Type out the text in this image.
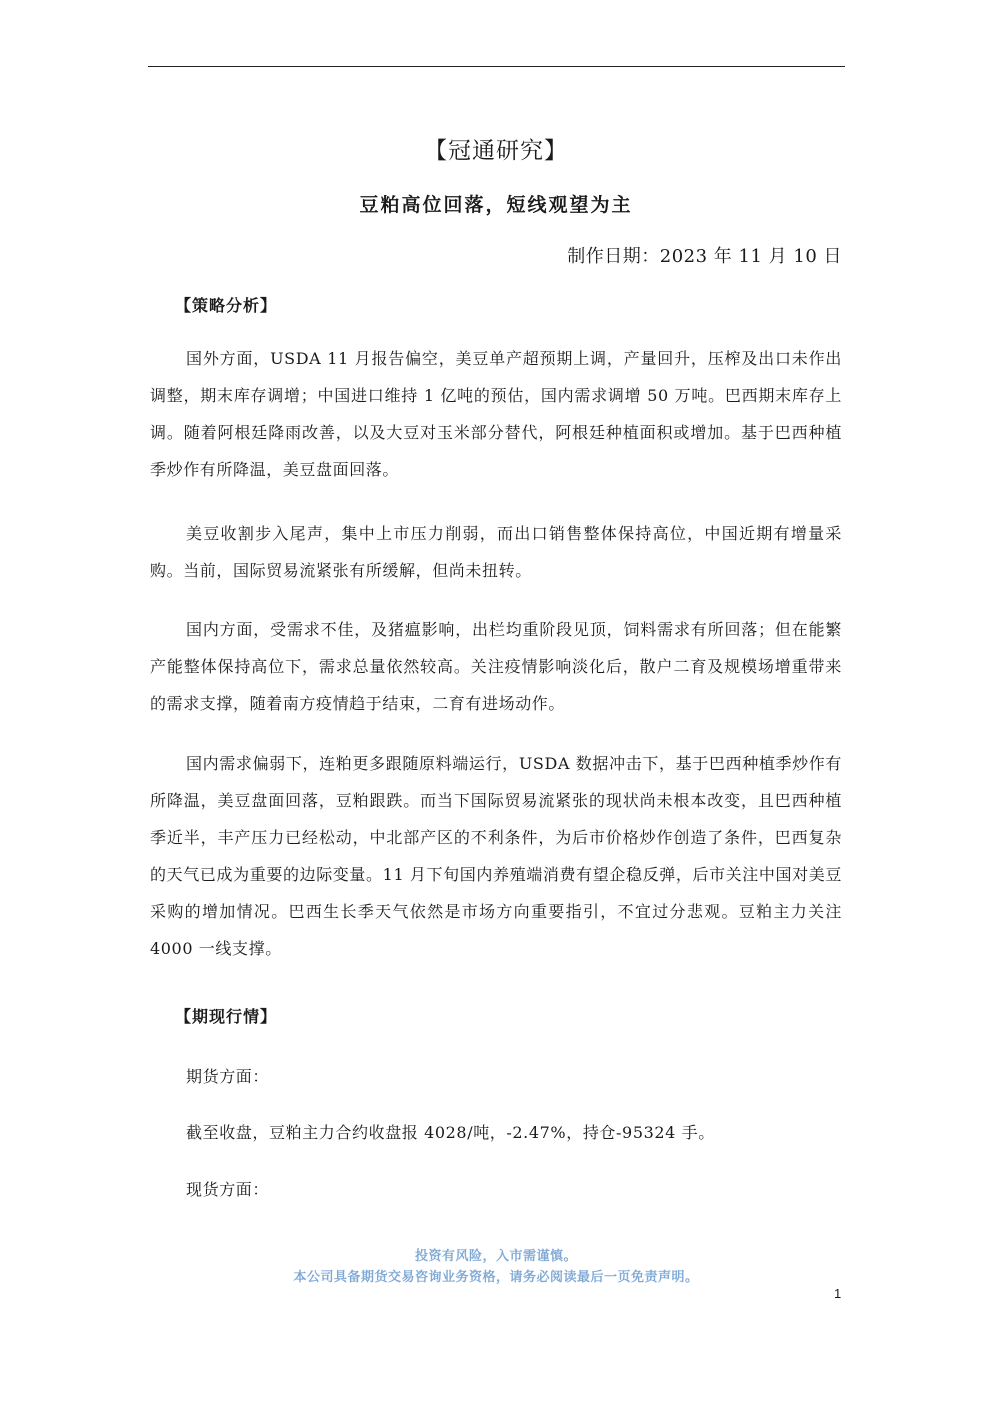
【冠通研究】
豆粕高位回落，短线观望为主
制作日期：2023 年 11 月 10 日
【策略分析】

国外方面，USDA 11 月报告偏空，美豆单产超预期上调，产量回升，压榨及出口未作出调整，期末库存调增；中国进口维持 1 亿吨的预估，国内需求调增 50 万吨。巴西期末库存上调。随着阿根廷降雨改善，以及大豆对玉米部分替代，阿根廷种植面积或增加。基于巴西种植季炒作有所降温，美豆盘面回落。

美豆收割步入尾声，集中上市压力削弱，而出口销售整体保持高位，中国近期有增量采购。当前，国际贸易流紧张有所缓解，但尚未扭转。

国内方面，受需求不佳，及猪瘟影响，出栏均重阶段见顶，饲料需求有所回落；但在能繁产能整体保持高位下，需求总量依然较高。关注疫情影响淡化后，散户二育及规模场增重带来的需求支撑，随着南方疫情趋于结束，二育有进场动作。

国内需求偏弱下，连粕更多跟随原料端运行，USDA 数据冲击下，基于巴西种植季炒作有所降温，美豆盘面回落，豆粕跟跌。而当下国际贸易流紧张的现状尚未根本改变，且巴西种植季近半，丰产压力已经松动，中北部产区的不利条件，为后市价格炒作创造了条件，巴西复杂的天气已成为重要的边际变量。11 月下旬国内养殖端消费有望企稳反弹，后市关注中国对美豆采购的增加情况。巴西生长季天气依然是市场方向重要指引，不宜过分悲观。豆粕主力关注 4000 一线支撑。

【期现行情】
期货方面：
截至收盘，豆粕主力合约收盘报 4028/吨，-2.47%，持仓-95324 手。
现货方面：
投资有风险，入市需谨慎。
本公司具备期货交易咨询业务资格，请务必阅读最后一页免责声明。
1
